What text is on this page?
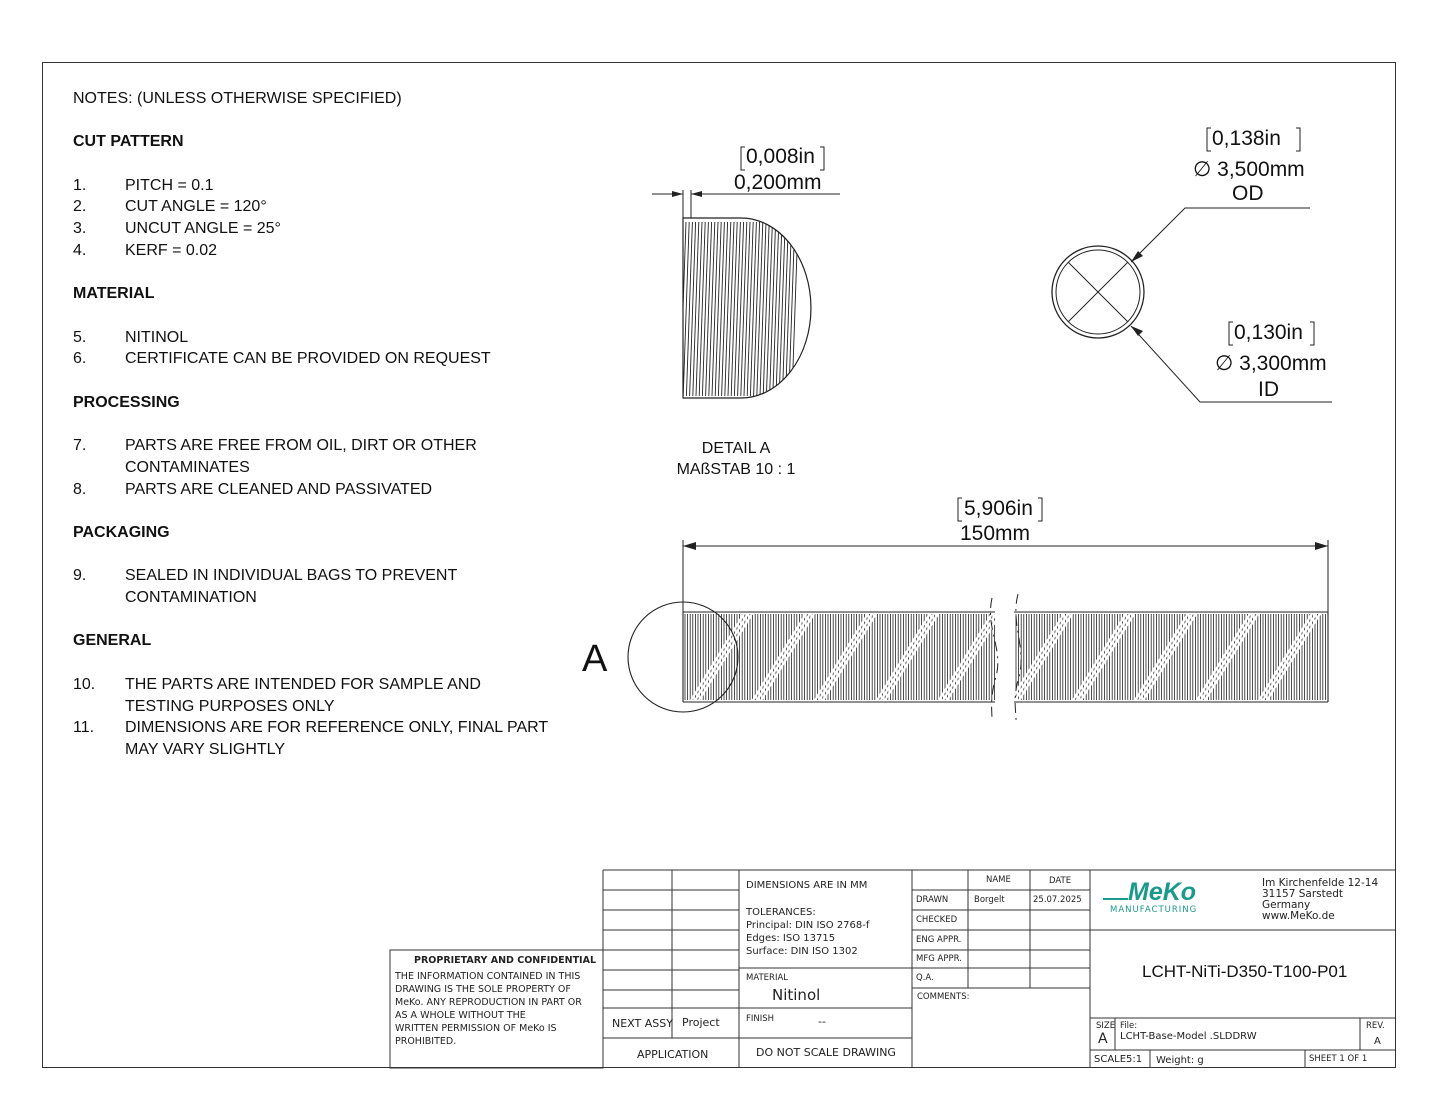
NOTES: (UNLESS OTHERWISE SPECIFIED)
CUT PATTERN
1.	PITCH = 0.1
2.	CUT ANGLE = 120°
3.	UNCUT ANGLE = 25°
4.	KERF = 0.02
MATERIAL
5.	NITINOL
6.	CERTIFICATE CAN BE PROVIDED ON REQUEST
PROCESSING
7.	PARTS ARE FREE FROM OIL, DIRT OR OTHER CONTAMINATES
8.	PARTS ARE CLEANED AND PASSIVATED
PACKAGING
9.	SEALED IN INDIVIDUAL BAGS TO PREVENT CONTAMINATION
GENERAL
10.	THE PARTS ARE INTENDED FOR SAMPLE AND TESTING PURPOSES ONLY
11.	DIMENSIONS ARE FOR REFERENCE ONLY, FINAL PART MAY VARY SLIGHTLY
0,008in
0,200mm
DETAIL A
MAßSTAB 10 : 1
0,138in
∅ 3,500mm
OD
0,130in
∅ 3,300mm
ID
5,906in
150mm
A
PROPRIETARY AND CONFIDENTIAL
THE INFORMATION CONTAINED IN THIS
DRAWING IS THE SOLE PROPERTY OF
MeKo. ANY REPRODUCTION IN PART OR
AS A WHOLE WITHOUT THE
WRITTEN PERMISSION OF MeKo IS
PROHIBITED.
NEXT ASSY Project
APPLICATION
DIMENSIONS ARE IN MM
TOLERANCES:
Principal: DIN ISO 2768-f
Edges: ISO 13715
Surface: DIN ISO 1302
MATERIAL
Nitinol
FINISH	--
DO NOT SCALE DRAWING
NAME	DATE
DRAWN	Borgelt	25.07.2025
CHECKED
ENG APPR.
MFG APPR.
Q.A.
COMMENTS:
MeKo
MANUFACTURING
Im Kirchenfelde 12-14
31157 Sarstedt
Germany
www.MeKo.de
LCHT-NiTi-D350-T100-P01
SIZE
A
File:
LCHT-Base-Model .SLDDRW
REV.
A
SCALE5:1 Weight: g	SHEET 1 OF 1
